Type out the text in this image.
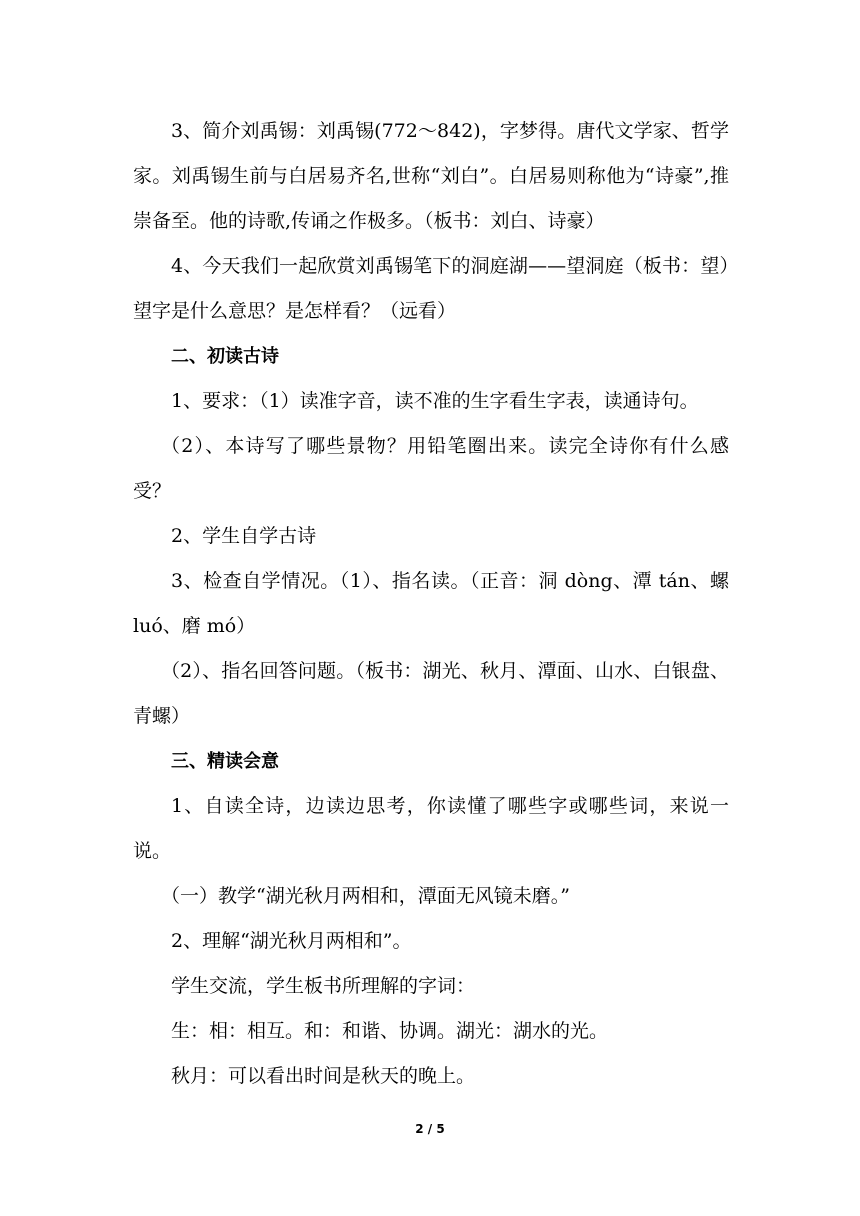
3、简介刘禹锡：刘禹锡(772～842)，字梦得。唐代文学家、哲学家。刘禹锡生前与白居易齐名,世称“刘白”。白居易则称他为“诗豪”,推崇备至。他的诗歌,传诵之作极多。（板书：刘白、诗豪）

4、今天我们一起欣赏刘禹锡笔下的洞庭湖——望洞庭（板书：望）望字是什么意思？是怎样看？（远看）

二、初读古诗

1、要求：（1）读准字音，读不准的生字看生字表，读通诗句。

（2）、本诗写了哪些景物？用铅笔圈出来。读完全诗你有什么感受？

2、学生自学古诗

3、检查自学情况。（1）、指名读。（正音：洞 dòng、潭 tán、螺 luó、磨 mó）

（2）、指名回答问题。（板书：湖光、秋月、潭面、山水、白银盘、青螺）

三、精读会意

1、自读全诗，边读边思考，你读懂了哪些字或哪些词，来说一说。

（一）教学“湖光秋月两相和，潭面无风镜未磨。”

2、理解“湖光秋月两相和”。

学生交流，学生板书所理解的字词：

生：相：相互。和：和谐、协调。湖光：湖水的光。

秋月：可以看出时间是秋天的晚上。

2 / 5
